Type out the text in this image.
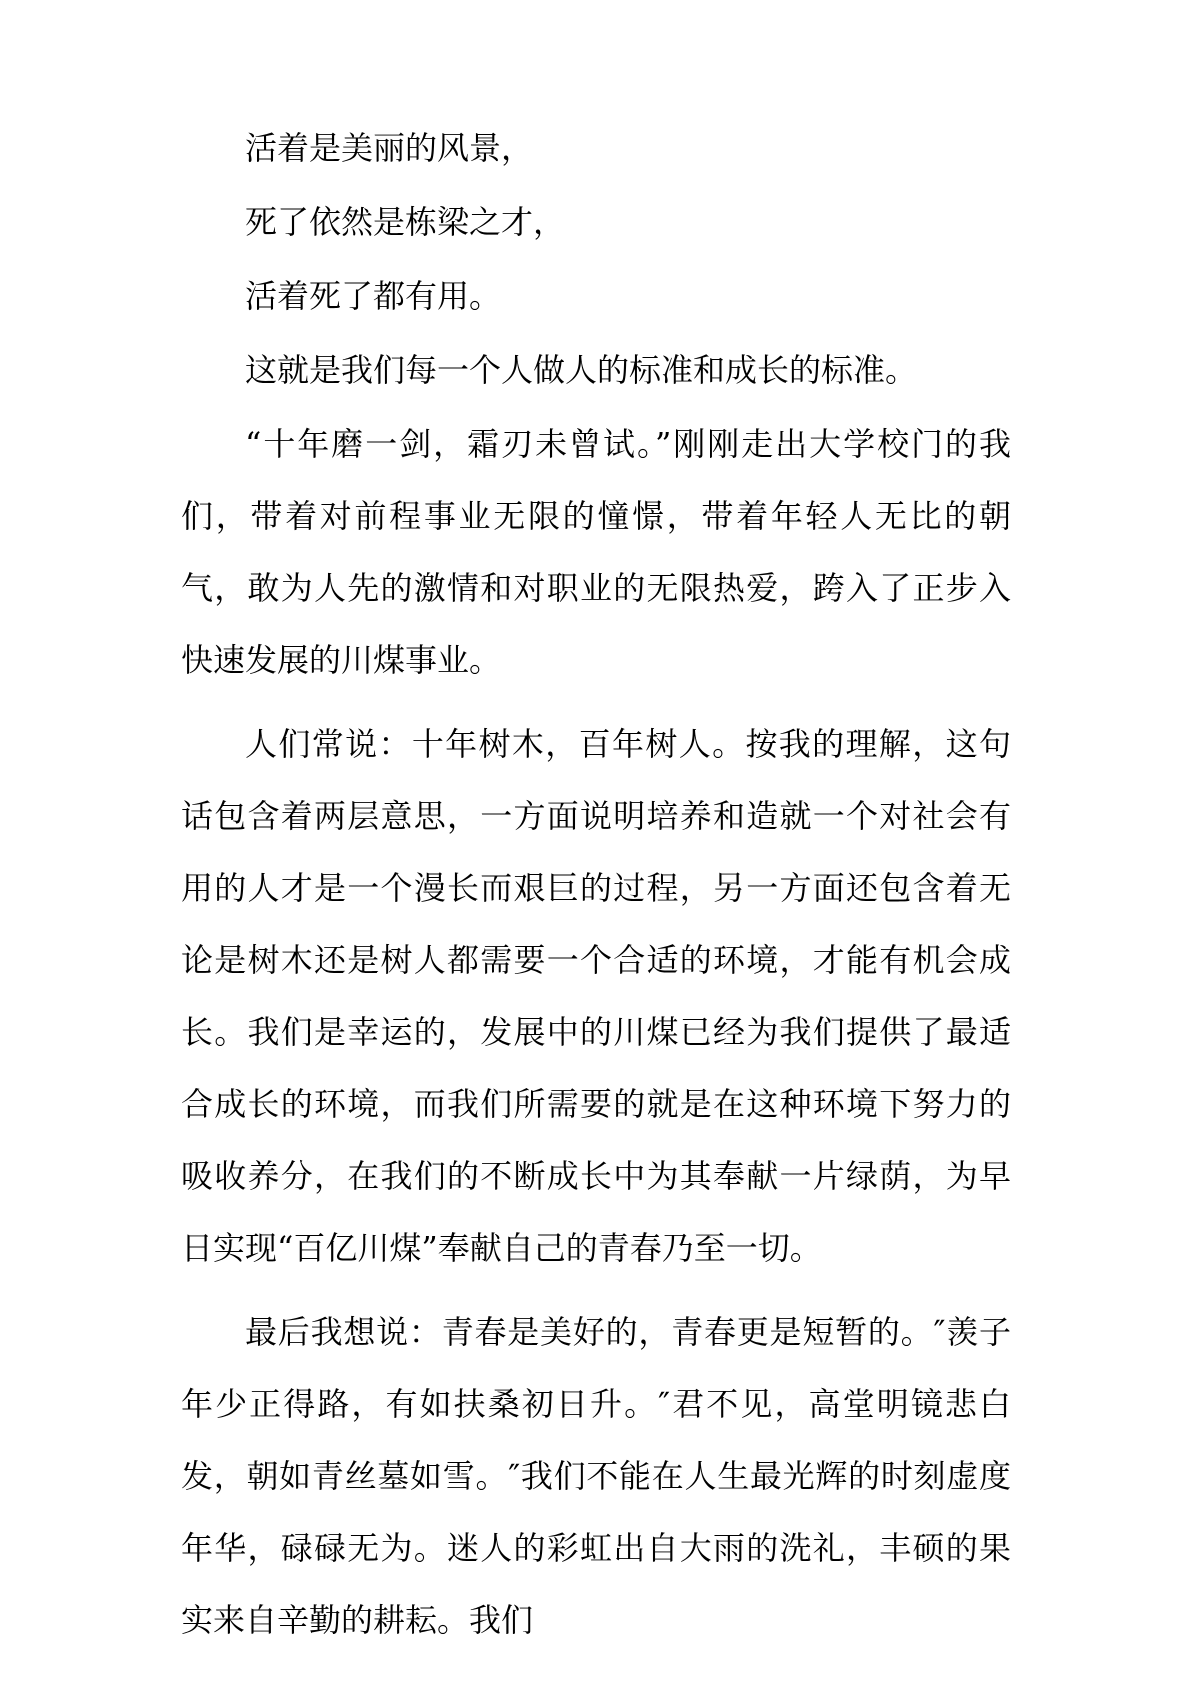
活着是美丽的风景，

死了依然是栋梁之才，

活着死了都有用。

这就是我们每一个人做人的标准和成长的标准。

“十年磨一剑，霜刃未曾试。”刚刚走出大学校门的我们，带着对前程事业无限的憧憬，带着年轻人无比的朝气，敢为人先的激情和对职业的无限热爱，跨入了正步入快速发展的川煤事业。

人们常说：十年树木，百年树人。按我的理解，这句话包含着两层意思，一方面说明培养和造就一个对社会有用的人才是一个漫长而艰巨的过程，另一方面还包含着无论是树木还是树人都需要一个合适的环境，才能有机会成长。我们是幸运的，发展中的川煤已经为我们提供了最适合成长的环境，而我们所需要的就是在这种环境下努力的吸收养分，在我们的不断成长中为其奉献一片绿荫，为早日实现“百亿川煤”奉献自己的青春乃至一切。

最后我想说：青春是美好的，青春更是短暂的。″羡子年少正得路，有如扶桑初日升。″君不见，高堂明镜悲白发，朝如青丝墓如雪。″我们不能在人生最光辉的时刻虚度年华，碌碌无为。迷人的彩虹出自大雨的洗礼，丰硕的果实来自辛勤的耕耘。我们
